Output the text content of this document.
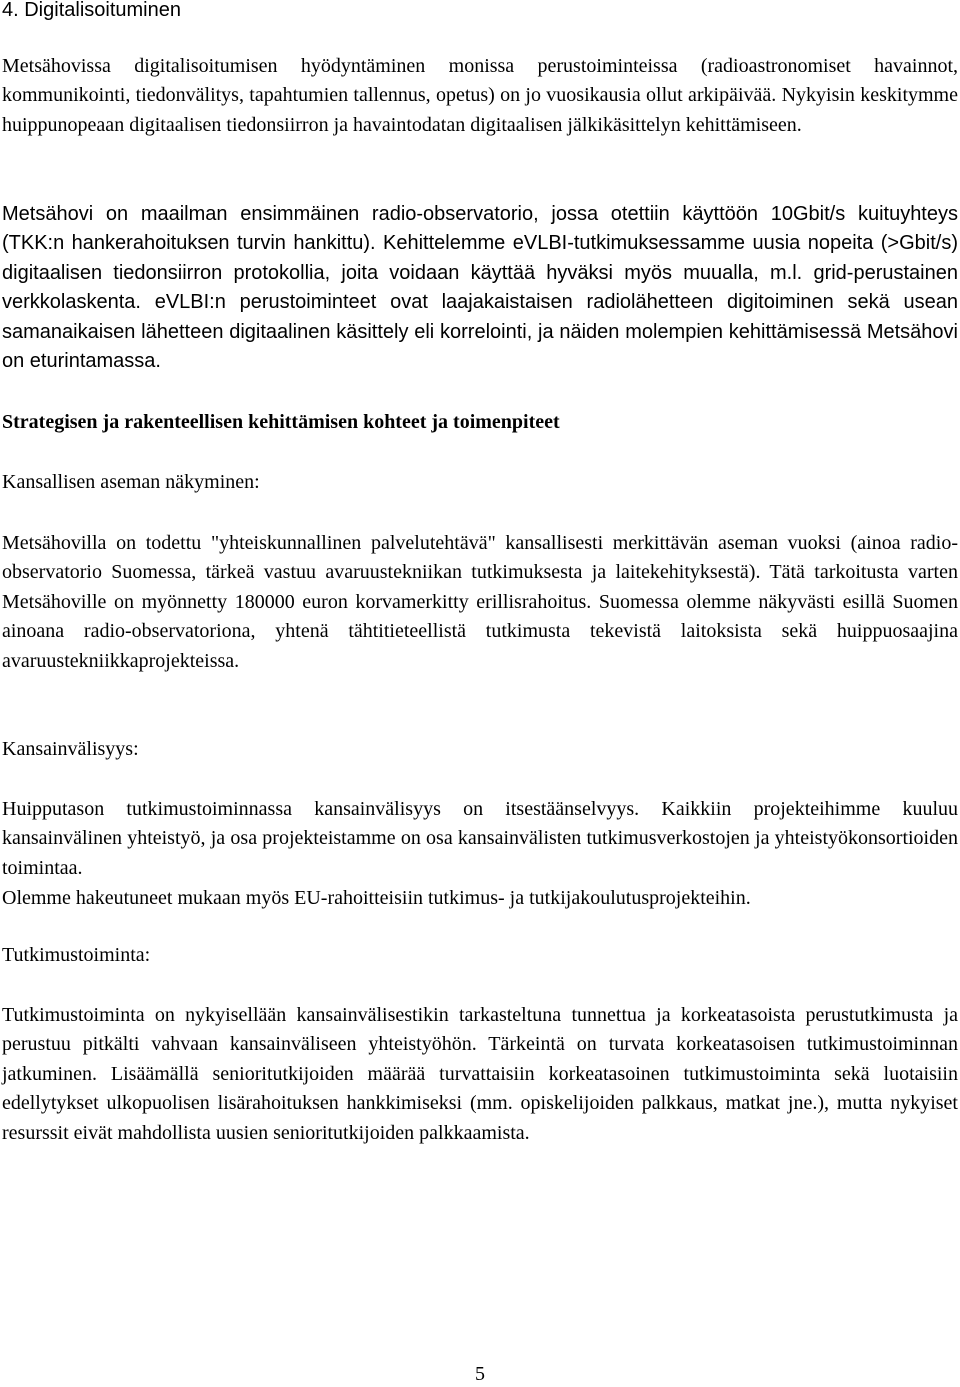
4. Digitalisoituminen

Metsähovissa digitalisoitumisen hyödyntäminen monissa perustoiminteissa (radioastronomiset havainnot, kommunikointi, tiedonvälitys, tapahtumien tallennus, opetus) on jo vuosikausia ollut arkipäivää. Nykyisin keskitymme huippunopeaan digitaalisen tiedonsiirron ja havaintodatan digitaalisen jälkikäsittelyn kehittämiseen.

Metsähovi on maailman ensimmäinen radio-observatorio, jossa otettiin käyttöön 10Gbit/s kuituyhteys (TKK:n hankerahoituksen turvin hankittu). Kehittelemme eVLBI-tutkimuksessamme uusia nopeita (>Gbit/s) digitaalisen tiedonsiirron protokollia, joita voidaan käyttää hyväksi myös muualla, m.l. grid-perustainen verkkolaskenta. eVLBI:n perustoiminteet ovat laajakaistaisen radiolähetteen digitoiminen sekä usean samanaikaisen lähetteen digitaalinen käsittely eli korrelointi, ja näiden molempien kehittämisessä Metsähovi on eturintamassa.

Strategisen ja rakenteellisen kehittämisen kohteet ja toimenpiteet

Kansallisen aseman näkyminen:

Metsähovilla on todettu "yhteiskunnallinen palvelutehtävä" kansallisesti merkittävän aseman vuoksi (ainoa radio-observatorio Suomessa, tärkeä vastuu avaruustekniikan tutkimuksesta ja laitekehityksestä). Tätä tarkoitusta varten Metsähoville on myönnetty 180000 euron korvamerkitty erillisrahoitus. Suomessa olemme näkyvästi esillä Suomen ainoana radio-observatoriona, yhtenä tähtitieteellistä tutkimusta tekevistä laitoksista sekä huippuosaajina avaruustekniikkaprojekteissa.

Kansainvälisyys:

Huipputason tutkimustoiminnassa kansainvälisyys on itsestäänselvyys. Kaikkiin projekteihimme kuuluu kansainvälinen yhteistyö, ja osa projekteistamme on osa kansainvälisten tutkimusverkostojen ja yhteistyökonsortioiden toimintaa.

Olemme hakeutuneet mukaan myös EU-rahoitteisiin tutkimus- ja tutkijakoulutusprojekteihin.

Tutkimustoiminta:

Tutkimustoiminta on nykyisellään kansainvälisestikin tarkasteltuna tunnettua ja korkeatasoista perustutkimusta ja perustuu pitkälti vahvaan kansainväliseen yhteistyöhön. Tärkeintä on turvata korkeatasoisen tutkimustoiminnan jatkuminen. Lisäämällä senioritutkijoiden määrää turvattaisiin korkeatasoinen tutkimustoiminta sekä luotaisiin edellytykset ulkopuolisen lisärahoituksen hankkimiseksi (mm. opiskelijoiden palkkaus, matkat jne.), mutta nykyiset resurssit eivät mahdollista uusien senioritutkijoiden palkkaamista.

5
